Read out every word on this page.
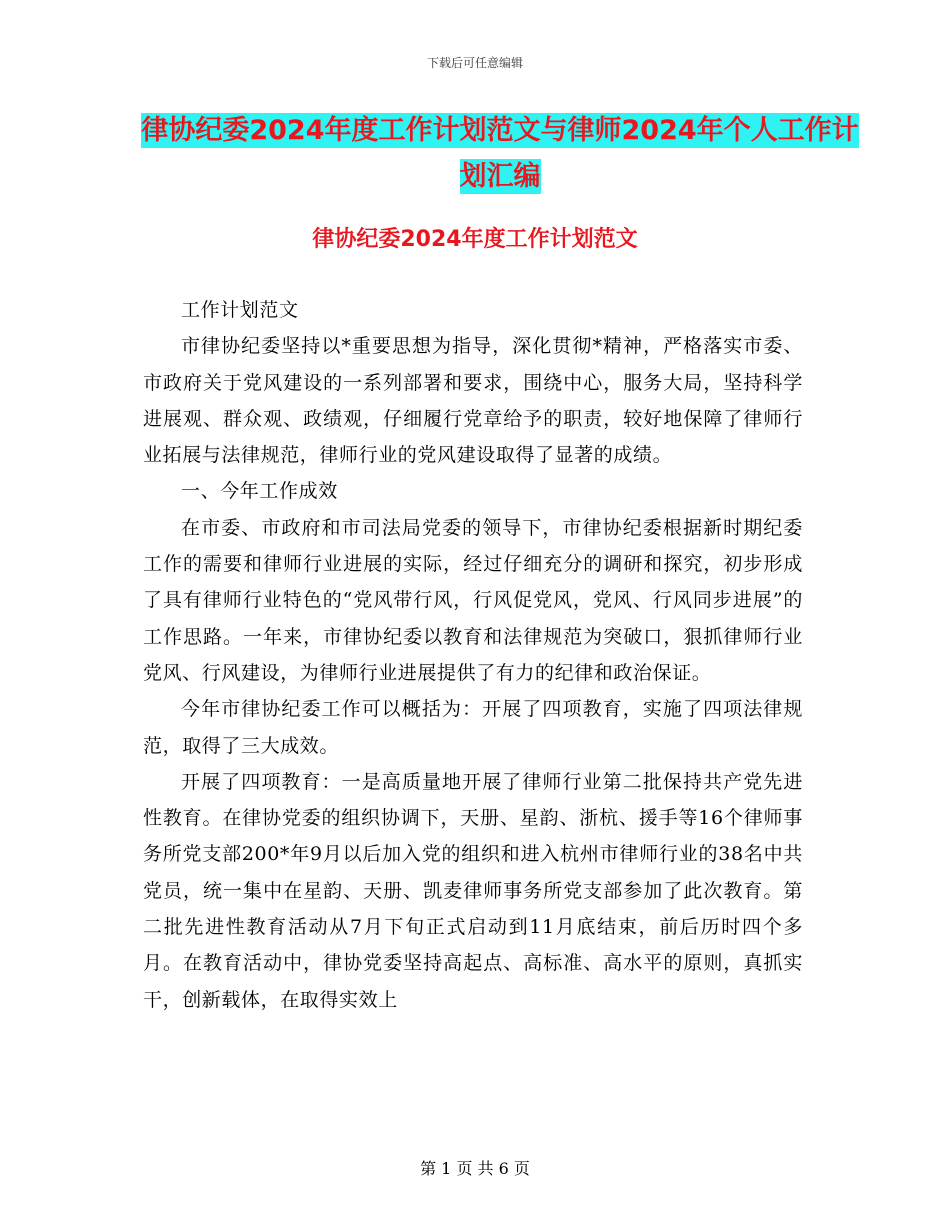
下载后可任意编辑
律协纪委2024年度工作计划范文与律师2024年个人工作计划汇编
律协纪委2024年度工作计划范文

工作计划范文

市律协纪委坚持以*重要思想为指导，深化贯彻*精神，严格落实市委、市政府关于党风建设的一系列部署和要求，围绕中心，服务大局，坚持科学进展观、群众观、政绩观，仔细履行党章给予的职责，较好地保障了律师行业拓展与法律规范，律师行业的党风建设取得了显著的成绩。

一、今年工作成效

在市委、市政府和市司法局党委的领导下，市律协纪委根据新时期纪委工作的需要和律师行业进展的实际，经过仔细充分的调研和探究，初步形成了具有律师行业特色的“党风带行风，行风促党风，党风、行风同步进展”的工作思路。一年来，市律协纪委以教育和法律规范为突破口，狠抓律师行业党风、行风建设，为律师行业进展提供了有力的纪律和政治保证。

今年市律协纪委工作可以概括为：开展了四项教育，实施了四项法律规范，取得了三大成效。

开展了四项教育：一是高质量地开展了律师行业第二批保持共产党先进性教育。在律协党委的组织协调下，天册、星韵、浙杭、援手等16个律师事务所党支部200*年9月以后加入党的组织和进入杭州市律师行业的38名中共党员，统一集中在星韵、天册、凯麦律师事务所党支部参加了此次教育。第二批先进性教育活动从7月下旬正式启动到11月底结束，前后历时四个多月。在教育活动中，律协党委坚持高起点、高标准、高水平的原则，真抓实干，创新载体，在取得实效上

第 1 页 共 6 页
